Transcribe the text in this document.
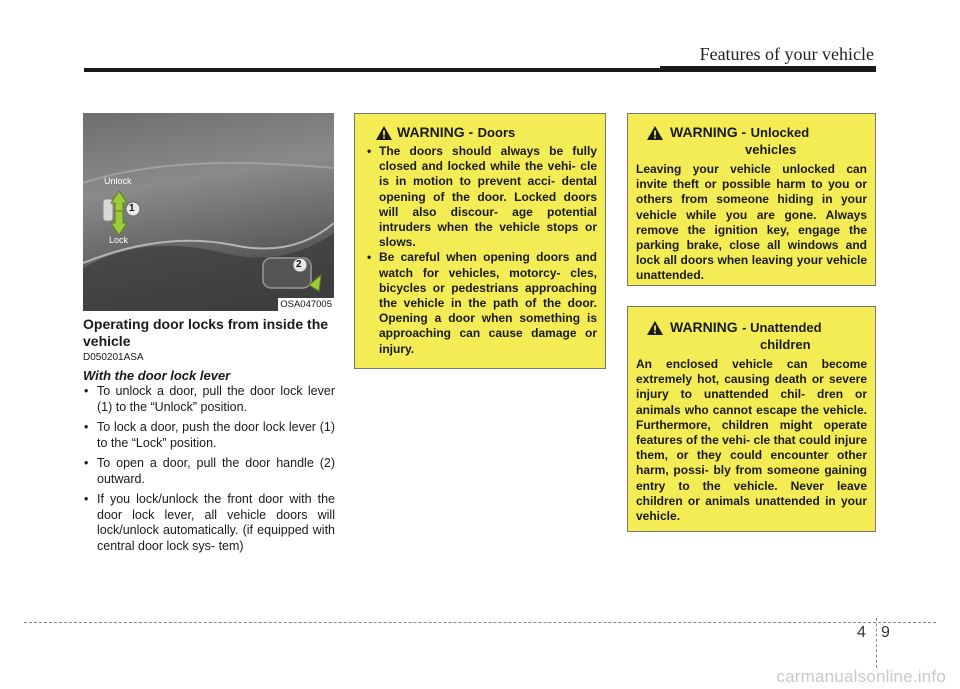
Features of your vehicle
Unlock
Lock
1
2
OSA047005
Operating door locks from inside the vehicle
D050201ASA
With the door lock lever
• To unlock a door, pull the door lock lever (1) to the “Unlock” position.
• To lock a door, push the door lock lever (1) to the “Lock” position.
• To open a door, pull the door handle (2) outward.
• If you lock/unlock the front door with the door lock lever, all vehicle doors will lock/unlock automatically. (if equipped with central door lock sys- tem)
WARNING - Doors
• The doors should always be fully closed and locked while the vehi- cle is in motion to prevent acci- dental opening of the door. Locked doors will also discour- age potential intruders when the vehicle stops or slows.
• Be careful when opening doors and watch for vehicles, motorcy- cles, bicycles or pedestrians approaching the vehicle in the path of the door. Opening a door when something is approaching can cause damage or injury.
WARNING - Unlocked
vehicles
Leaving your vehicle unlocked can invite theft or possible harm to you or others from someone hiding in your vehicle while you are gone. Always remove the ignition key, engage the parking brake, close all windows and lock all doors when leaving your vehicle unattended.
WARNING - Unattended
children
An enclosed vehicle can become extremely hot, causing death or severe injury to unattended chil- dren or animals who cannot escape the vehicle. Furthermore, children might operate features of the vehi- cle that could injure them, or they could encounter other harm, possi- bly from someone gaining entry to the vehicle. Never leave children or animals unattended in your vehicle.
4 9
carmanualsonline.info
